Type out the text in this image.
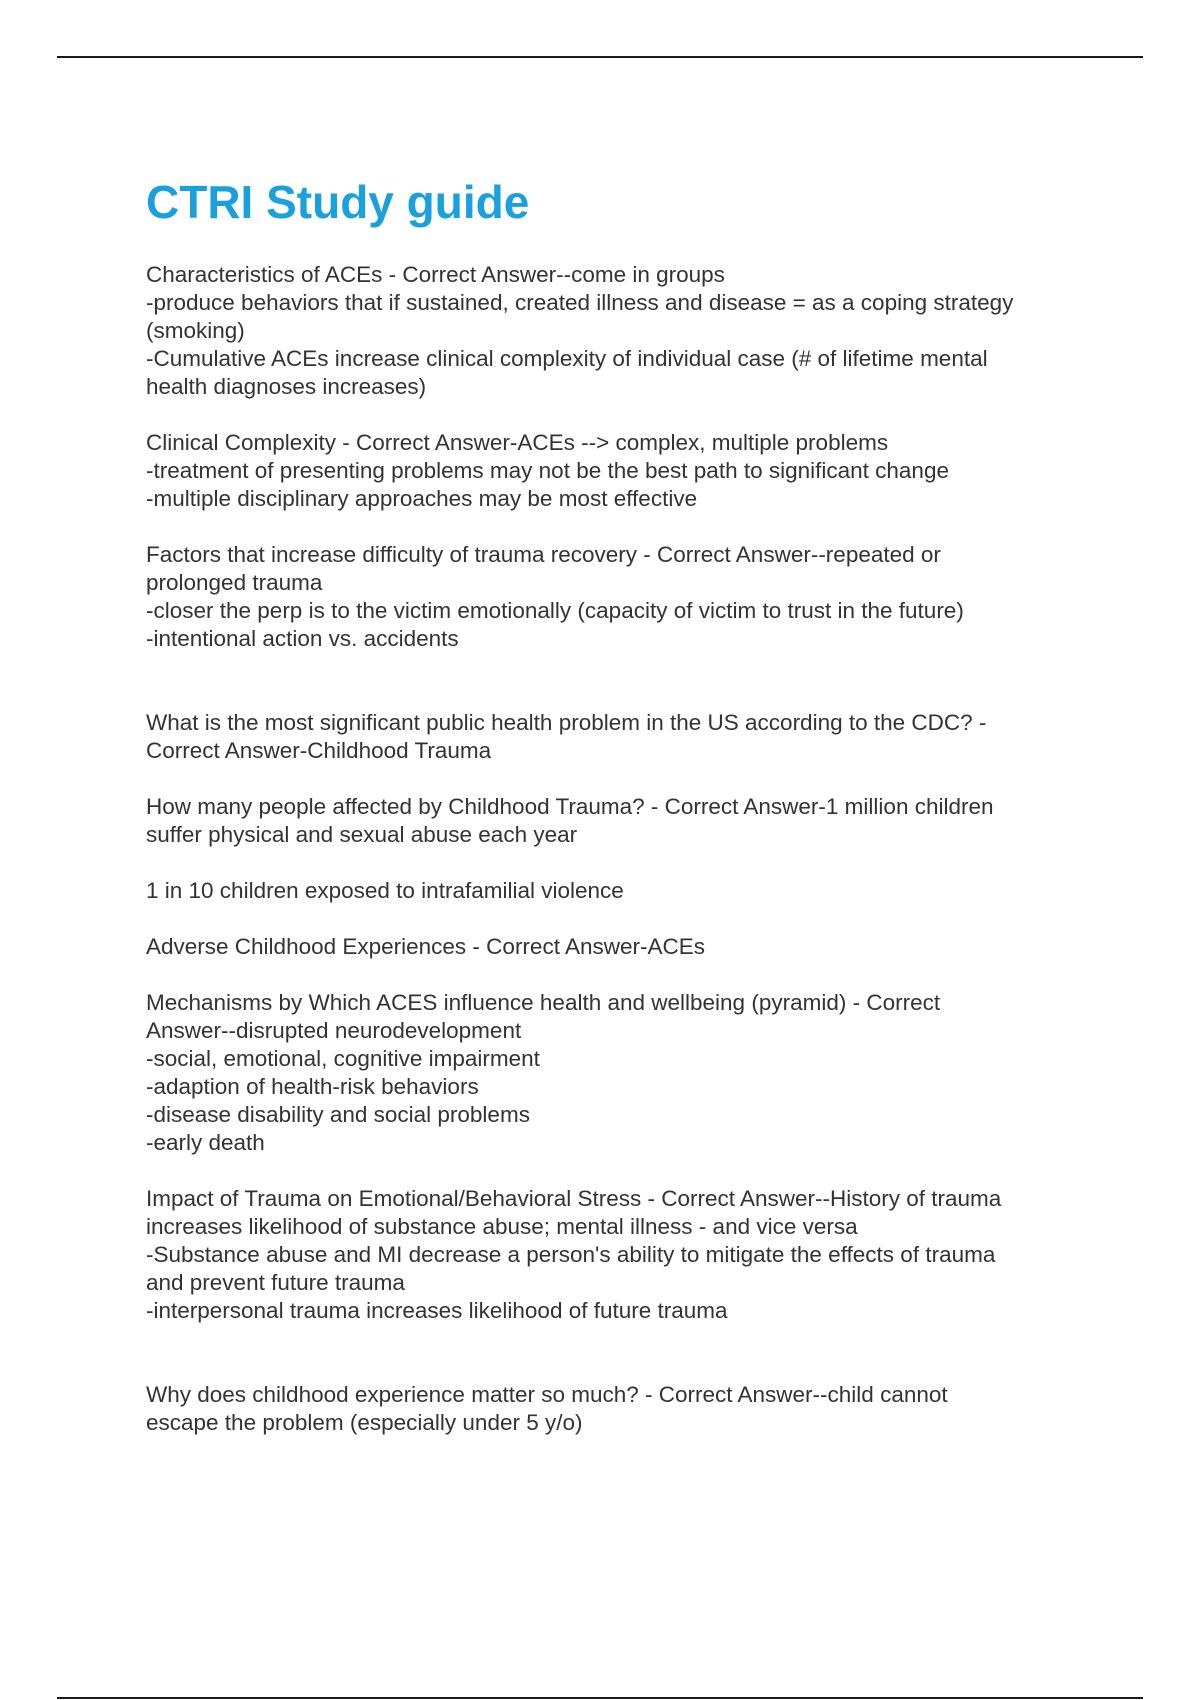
CTRI Study guide
Characteristics of ACEs - Correct Answer--come in groups
-produce behaviors that if sustained, created illness and disease = as a coping strategy
(smoking)
-Cumulative ACEs increase clinical complexity of individual case (# of lifetime mental
health diagnoses increases)
Clinical Complexity - Correct Answer-ACEs --> complex, multiple problems
-treatment of presenting problems may not be the best path to significant change
-multiple disciplinary approaches may be most effective
Factors that increase difficulty of trauma recovery - Correct Answer--repeated or
prolonged trauma
-closer the perp is to the victim emotionally (capacity of victim to trust in the future)
-intentional action vs. accidents
What is the most significant public health problem in the US according to the CDC? -
Correct Answer-Childhood Trauma
How many people affected by Childhood Trauma? - Correct Answer-1 million children
suffer physical and sexual abuse each year
1 in 10 children exposed to intrafamilial violence
Adverse Childhood Experiences - Correct Answer-ACEs
Mechanisms by Which ACES influence health and wellbeing (pyramid) - Correct
Answer--disrupted neurodevelopment
-social, emotional, cognitive impairment
-adaption of health-risk behaviors
-disease disability and social problems
-early death
Impact of Trauma on Emotional/Behavioral Stress - Correct Answer--History of trauma
increases likelihood of substance abuse; mental illness - and vice versa
-Substance abuse and MI decrease a person's ability to mitigate the effects of trauma
and prevent future trauma
-interpersonal trauma increases likelihood of future trauma
Why does childhood experience matter so much? - Correct Answer--child cannot
escape the problem (especially under 5 y/o)
